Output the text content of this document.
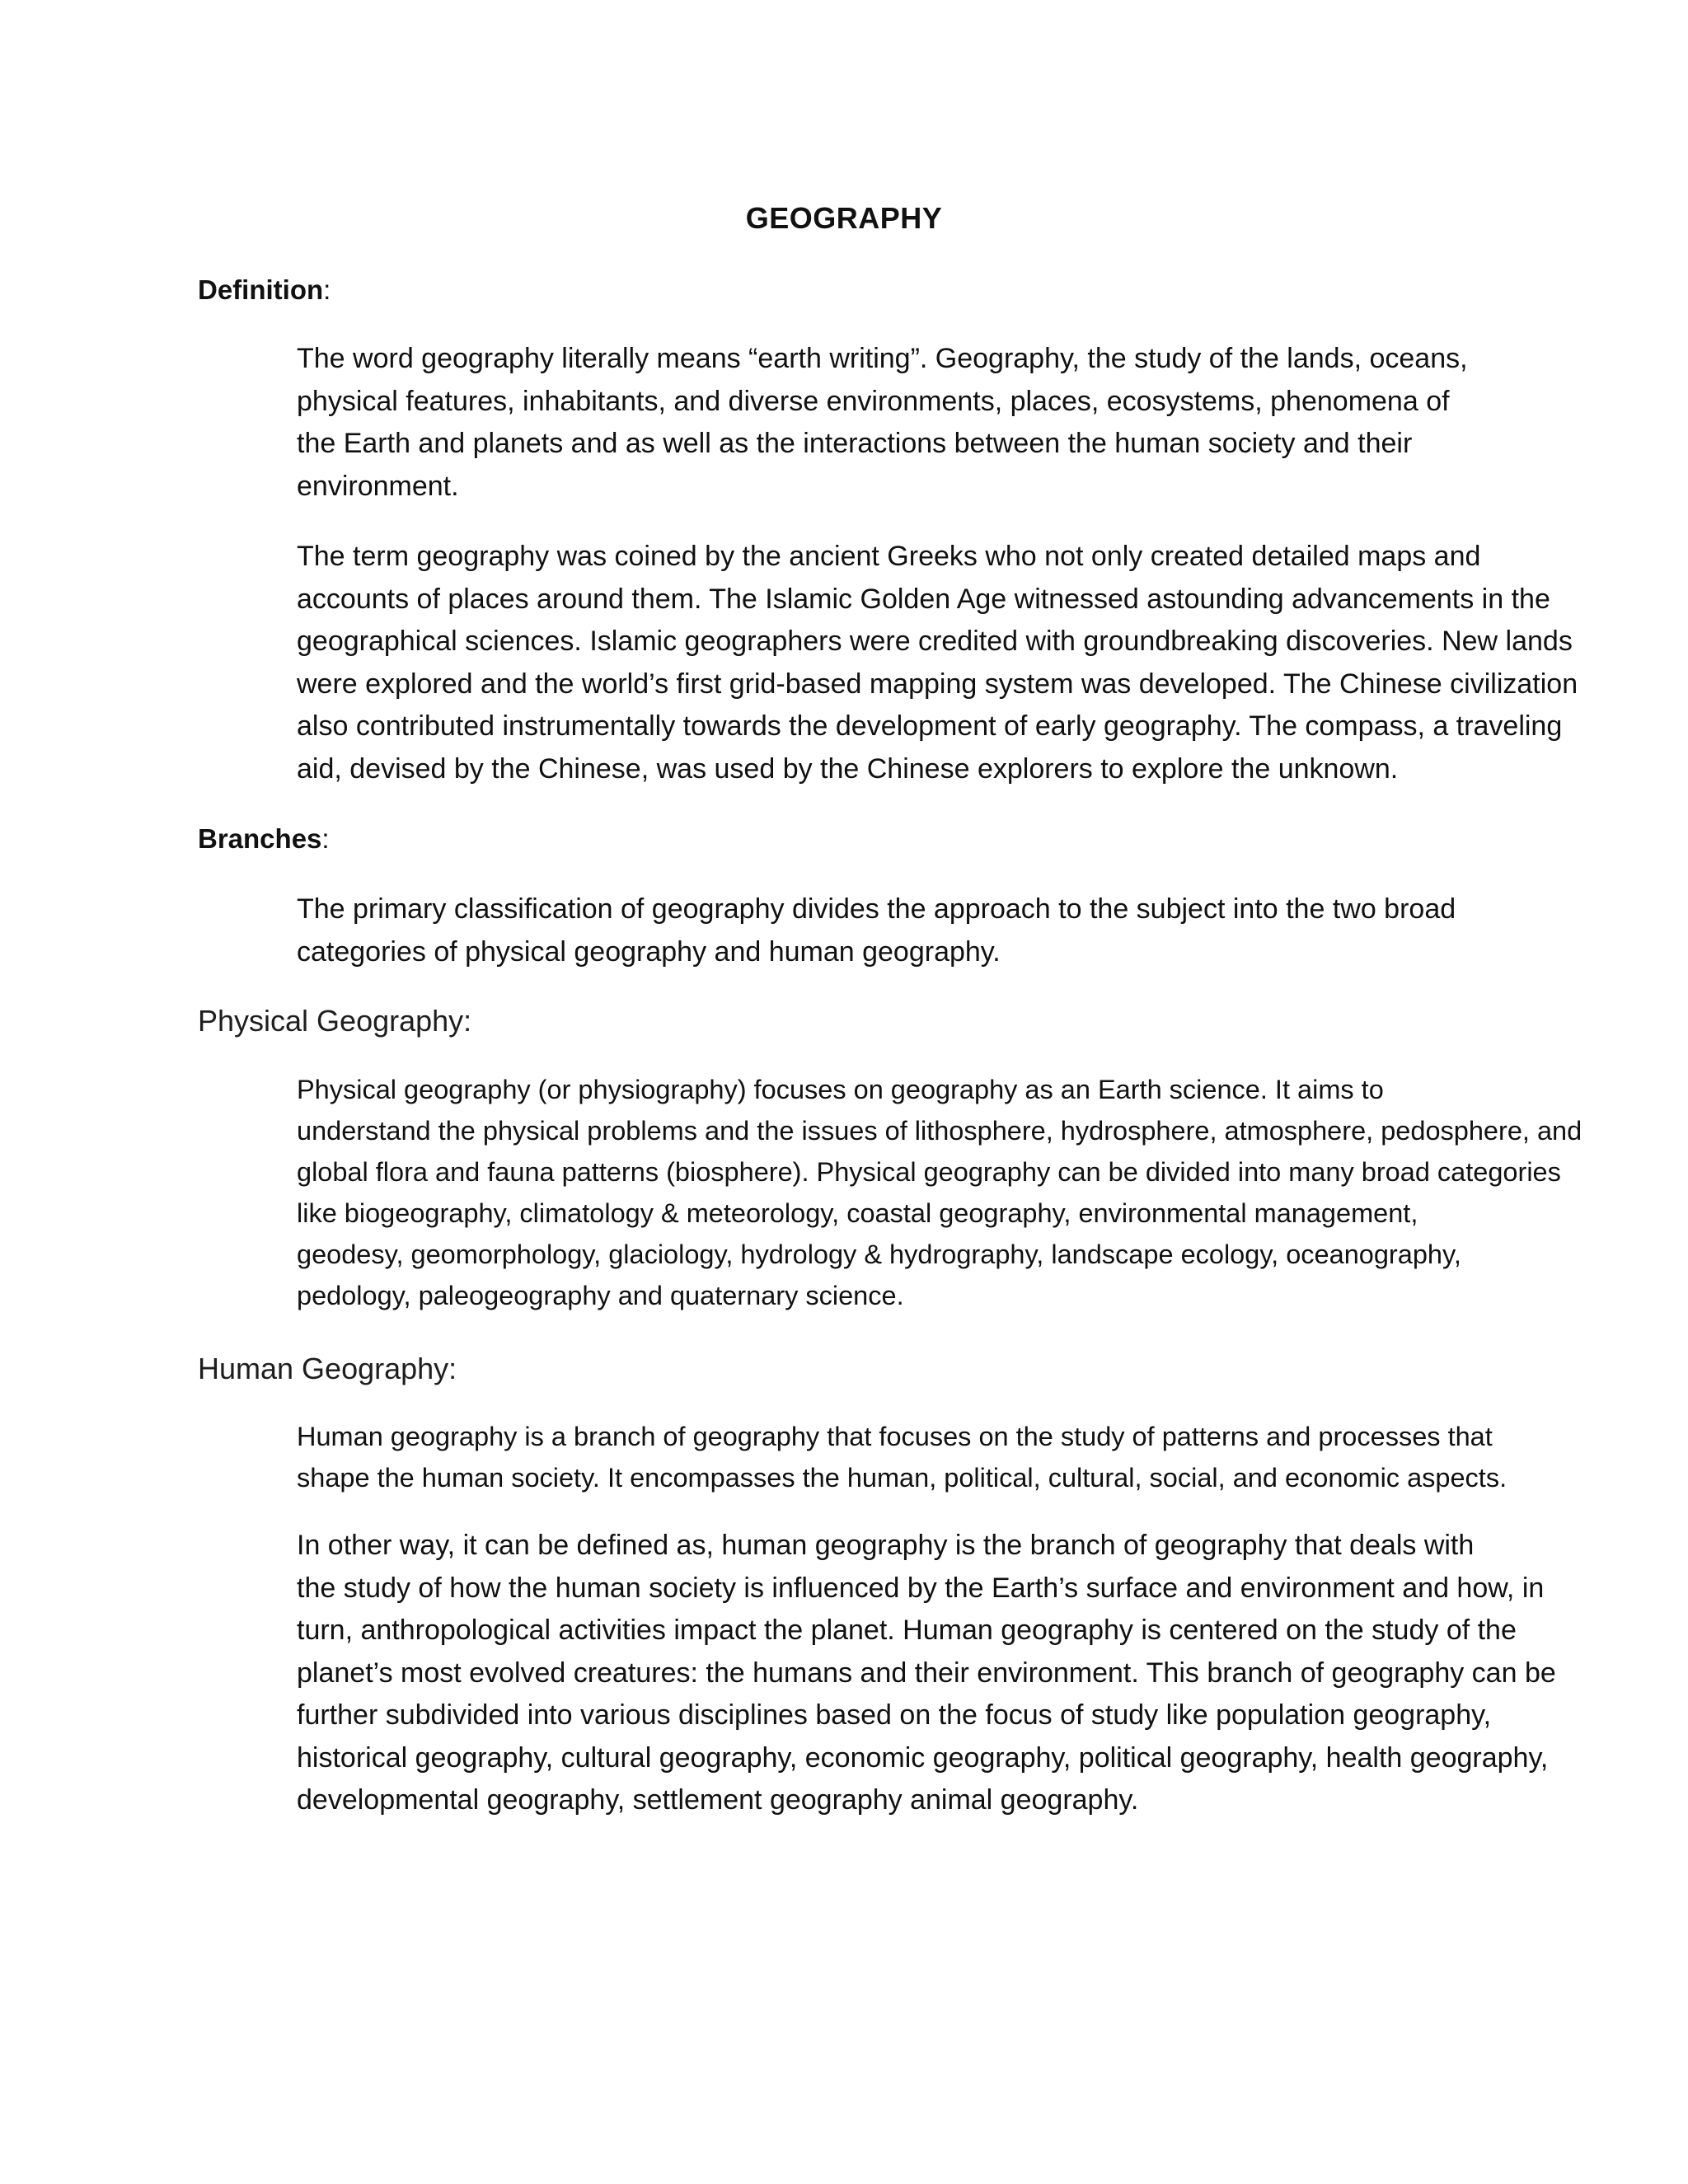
GEOGRAPHY
Definition:

The word geography literally means “earth writing”. Geography, the study of the lands, oceans,
physical features, inhabitants, and diverse environments, places, ecosystems, phenomena of
the Earth and planets and as well as the interactions between the human society and their
environment.

The term geography was coined by the ancient Greeks who not only created detailed maps and
accounts of places around them. The Islamic Golden Age witnessed astounding advancements in the
geographical sciences. Islamic geographers were credited with groundbreaking discoveries. New lands
were explored and the world’s first grid-based mapping system was developed. The Chinese civilization
also contributed instrumentally towards the development of early geography. The compass, a traveling
aid, devised by the Chinese, was used by the Chinese explorers to explore the unknown.

Branches:

The primary classification of geography divides the approach to the subject into the two broad
categories of physical geography and human geography.

Physical Geography:

Physical geography (or physiography) focuses on geography as an Earth science. It aims to
understand the physical problems and the issues of lithosphere, hydrosphere, atmosphere, pedosphere, and
global flora and fauna patterns (biosphere). Physical geography can be divided into many broad categories
like biogeography, climatology & meteorology, coastal geography, environmental management,
geodesy, geomorphology, glaciology, hydrology & hydrography, landscape ecology, oceanography,
pedology, paleogeography and quaternary science.

Human Geography:

Human geography is a branch of geography that focuses on the study of patterns and processes that
shape the human society. It encompasses the human, political, cultural, social, and economic aspects.

In other way, it can be defined as, human geography is the branch of geography that deals with
the study of how the human society is influenced by the Earth’s surface and environment and how, in
turn, anthropological activities impact the planet. Human geography is centered on the study of the
planet’s most evolved creatures: the humans and their environment. This branch of geography can be
further subdivided into various disciplines based on the focus of study like population geography,
historical geography, cultural geography, economic geography, political geography, health geography,
developmental geography, settlement geography animal geography.
